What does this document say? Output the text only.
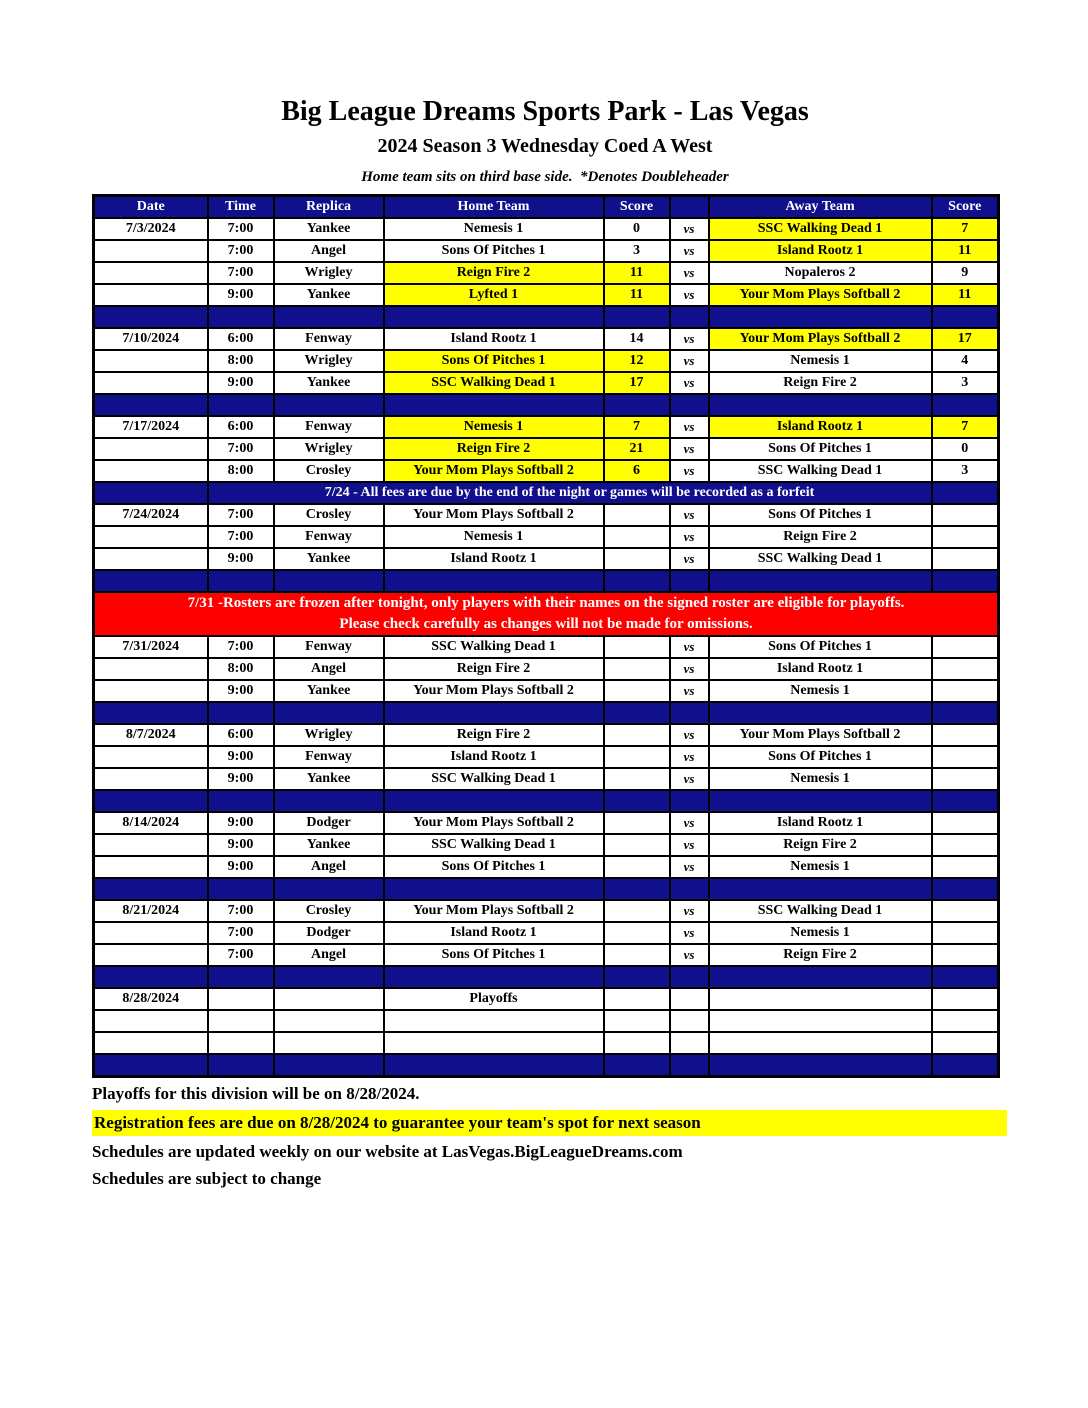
Big League Dreams Sports Park - Las Vegas
2024 Season 3 Wednesday Coed A West
Home team sits on third base side.  *Denotes Doubleheader
Date	Time	Replica	Home Team	Score		Away Team	Score
7/3/2024	7:00	Yankee	Nemesis 1	0	vs	SSC Walking Dead 1	7
	7:00	Angel	Sons Of Pitches 1	3	vs	Island Rootz 1	11
	7:00	Wrigley	Reign Fire 2	11	vs	Nopaleros 2	9
	9:00	Yankee	Lyfted 1	11	vs	Your Mom Plays Softball 2	11

7/10/2024	6:00	Fenway	Island Rootz 1	14	vs	Your Mom Plays Softball 2	17
	8:00	Wrigley	Sons Of Pitches 1	12	vs	Nemesis 1	4
	9:00	Yankee	SSC Walking Dead 1	17	vs	Reign Fire 2	3

7/17/2024	6:00	Fenway	Nemesis 1	7	vs	Island Rootz 1	7
	7:00	Wrigley	Reign Fire 2	21	vs	Sons Of Pitches 1	0
	8:00	Crosley	Your Mom Plays Softball 2	6	vs	SSC Walking Dead 1	3
	7/24 - All fees are due by the end of the night or games will be recorded as a forfeit						
7/24/2024	7:00	Crosley	Your Mom Plays Softball 2		vs	Sons Of Pitches 1	
	7:00	Fenway	Nemesis 1		vs	Reign Fire 2	
	9:00	Yankee	Island Rootz 1		vs	SSC Walking Dead 1	

7/31 -Rosters are frozen after tonight, only players with their names on the signed roster are eligible for playoffs.
Please check carefully as changes will not be made for omissions.							

7/31/2024	7:00	Fenway	SSC Walking Dead 1		vs	Sons Of Pitches 1	
	8:00	Angel	Reign Fire 2		vs	Island Rootz 1	
	9:00	Yankee	Your Mom Plays Softball 2		vs	Nemesis 1	

8/7/2024	6:00	Wrigley	Reign Fire 2		vs	Your Mom Plays Softball 2	
	9:00	Fenway	Island Rootz 1		vs	Sons Of Pitches 1	
	9:00	Yankee	SSC Walking Dead 1		vs	Nemesis 1	

8/14/2024	9:00	Dodger	Your Mom Plays Softball 2		vs	Island Rootz 1	
	9:00	Yankee	SSC Walking Dead 1		vs	Reign Fire 2	
	9:00	Angel	Sons Of Pitches 1		vs	Nemesis 1	

8/21/2024	7:00	Crosley	Your Mom Plays Softball 2		vs	SSC Walking Dead 1	
	7:00	Dodger	Island Rootz 1		vs	Nemesis 1	
	7:00	Angel	Sons Of Pitches 1		vs	Reign Fire 2	

8/28/2024			Playoffs				

Playoffs for this division will be on 8/28/2024.
Registration fees are due on 8/28/2024 to guarantee your team's spot for next season
Schedules are updated weekly on our website at LasVegas.BigLeagueDreams.com
Schedules are subject to change
